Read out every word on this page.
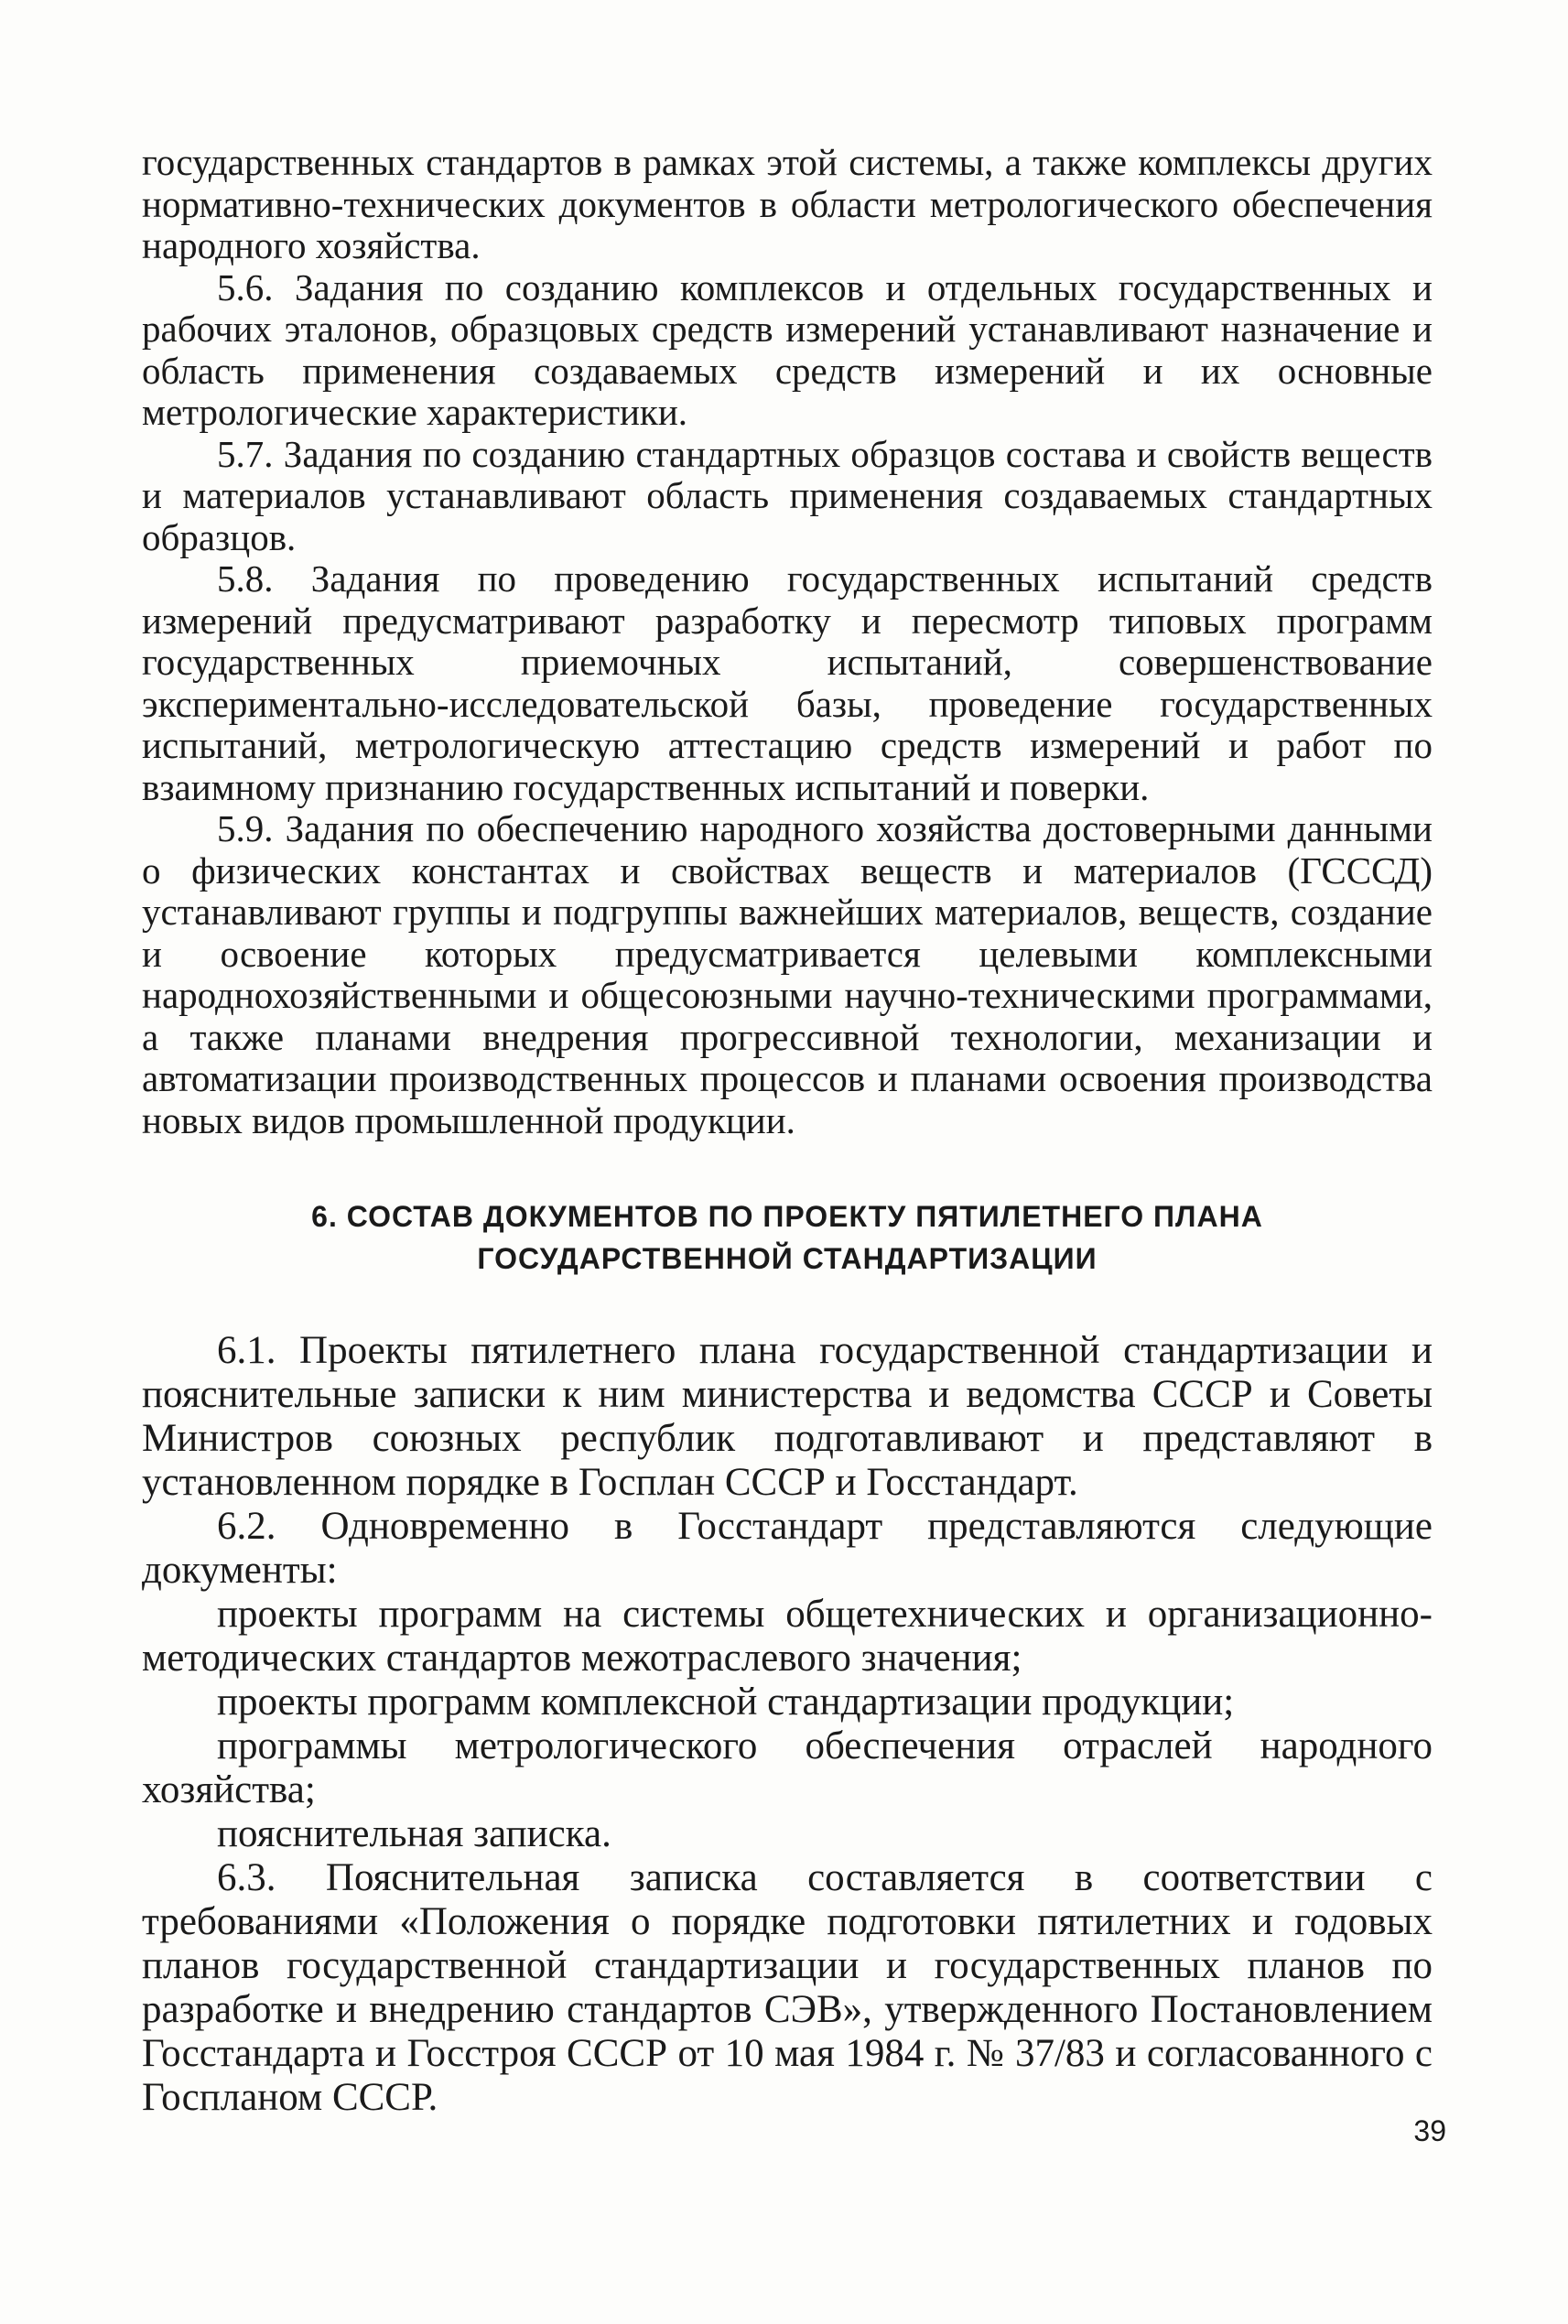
государственных стандартов в рамках этой системы, а также комплексы других нормативно-технических документов в области метрологического обеспечения народного хозяйства.

5.6. Задания по созданию комплексов и отдельных государственных и рабочих эталонов, образцовых средств измерений устанавливают назначение и область применения создаваемых средств измерений и их основные метрологические характеристики.

5.7. Задания по созданию стандартных образцов состава и свойств веществ и материалов устанавливают область применения создаваемых стандартных образцов.

5.8. Задания по проведению государственных испытаний средств измерений предусматривают разработку и пересмотр типовых программ государственных приемочных испытаний, совершенствование экспериментально-исследовательской базы, проведение государственных испытаний, метрологическую аттестацию средств измерений и работ по взаимному признанию государственных испытаний и поверки.

5.9. Задания по обеспечению народного хозяйства достоверными данными о физических константах и свойствах веществ и материалов (ГСССД) устанавливают группы и подгруппы важнейших материалов, веществ, создание и освоение которых предусматривается целевыми комплексными народнохозяйственными и общесоюзными научно-техническими программами, а также планами внедрения прогрессивной технологии, механизации и автоматизации производственных процессов и планами освоения производства новых видов промышленной продукции.

6. СОСТАВ ДОКУМЕНТОВ ПО ПРОЕКТУ ПЯТИЛЕТНЕГО ПЛАНА
ГОСУДАРСТВЕННОЙ СТАНДАРТИЗАЦИИ

6.1. Проекты пятилетнего плана государственной стандартизации и пояснительные записки к ним министерства и ведомства СССР и Советы Министров союзных республик подготавливают и представляют в установленном порядке в Госплан СССР и Госстандарт.

6.2. Одновременно в Госстандарт представляются следующие документы:

проекты программ на системы общетехнических и организационно-методических стандартов межотраслевого значения;

проекты программ комплексной стандартизации продукции;

программы метрологического обеспечения отраслей народного хозяйства;

пояснительная записка.

6.3. Пояснительная записка составляется в соответствии с требованиями «Положения о порядке подготовки пятилетних и годовых планов государственной стандартизации и государственных планов по разработке и внедрению стандартов СЭВ», утвержденного Постановлением Госстандарта и Госстроя СССР от 10 мая 1984 г. № 37/83 и согласованного с Госпланом СССР.

39
